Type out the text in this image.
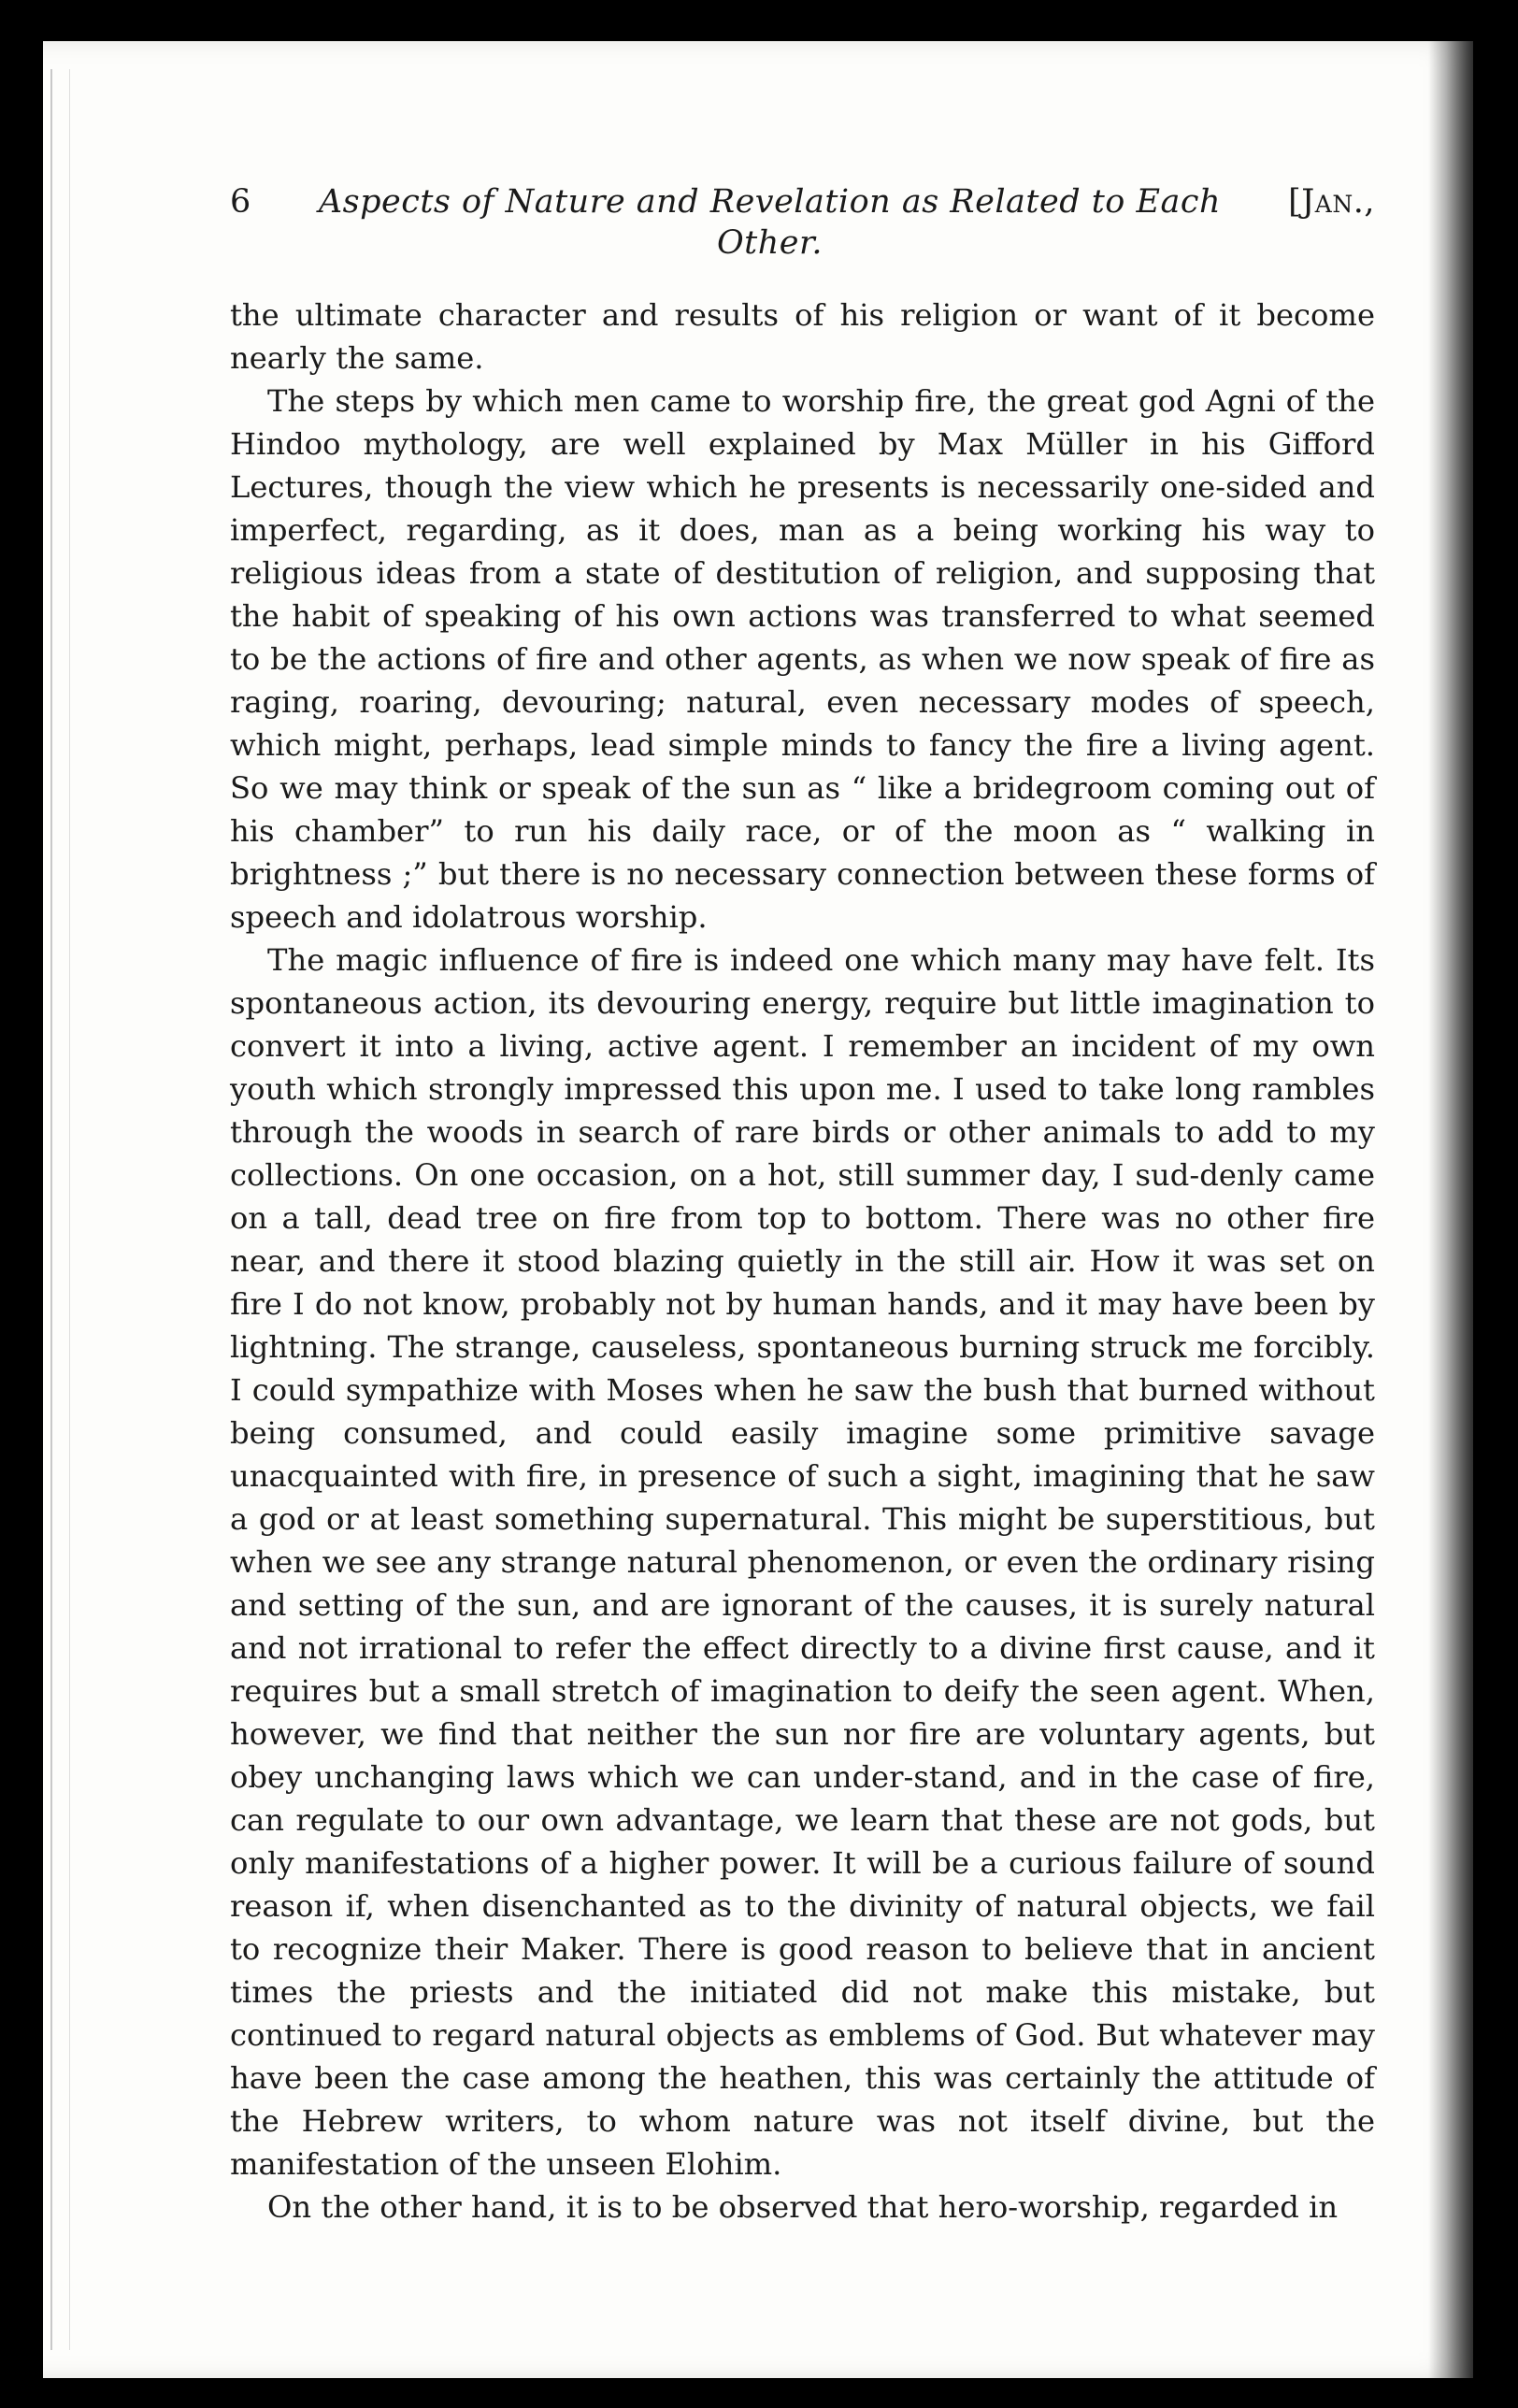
6	Aspects of Nature and Revelation as Related to Each Other.
[Jan.,

the ultimate character and results of his religion or want of it become nearly the same.

The steps by which men came to worship fire, the great god Agni of the Hindoo mythology, are well explained by Max Müller in his Gifford Lectures, though the view which he presents is necessarily one-sided and imperfect, regarding, as it does, man as a being working his way to religious ideas from a state of destitution of religion, and supposing that the habit of speaking of his own actions was transferred to what seemed to be the actions of fire and other agents, as when we now speak of fire as raging, roaring, devouring; natural, even necessary modes of speech, which might, perhaps, lead simple minds to fancy the fire a living agent. So we may think or speak of the sun as “ like a bridegroom coming out of his chamber” to run his daily race, or of the moon as “ walking in brightness ;” but there is no necessary connection between these forms of speech and idolatrous worship.

The magic influence of fire is indeed one which many may have felt. Its spontaneous action, its devouring energy, require but little imagination to convert it into a living, active agent. I remember an incident of my own youth which strongly impressed this upon me. I used to take long rambles through the woods in search of rare birds or other animals to add to my collections. On one occasion, on a hot, still summer day, I sud-denly came on a tall, dead tree on fire from top to bottom. There was no other fire near, and there it stood blazing quietly in the still air. How it was set on fire I do not know, probably not by human hands, and it may have been by lightning. The strange, causeless, spontaneous burning struck me forcibly. I could sympathize with Moses when he saw the bush that burned without being consumed, and could easily imagine some primitive savage unacquainted with fire, in presence of such a sight, imagining that he saw a god or at least something supernatural. This might be superstitious, but when we see any strange natural phenomenon, or even the ordinary rising and setting of the sun, and are ignorant of the causes, it is surely natural and not irrational to refer the effect directly to a divine first cause, and it requires but a small stretch of imagination to deify the seen agent. When, however, we find that neither the sun nor fire are voluntary agents, but obey unchanging laws which we can under-stand, and in the case of fire, can regulate to our own advantage, we learn that these are not gods, but only manifestations of a higher power. It will be a curious failure of sound reason if, when disenchanted as to the divinity of natural objects, we fail to recognize their Maker. There is good reason to believe that in ancient times the priests and the initiated did not make this mistake, but continued to regard natural objects as emblems of God. But whatever may have been the case among the heathen, this was certainly the attitude of the Hebrew writers, to whom nature was not itself divine, but the manifestation of the unseen Elohim.

On the other hand, it is to be observed that hero-worship, regarded in
